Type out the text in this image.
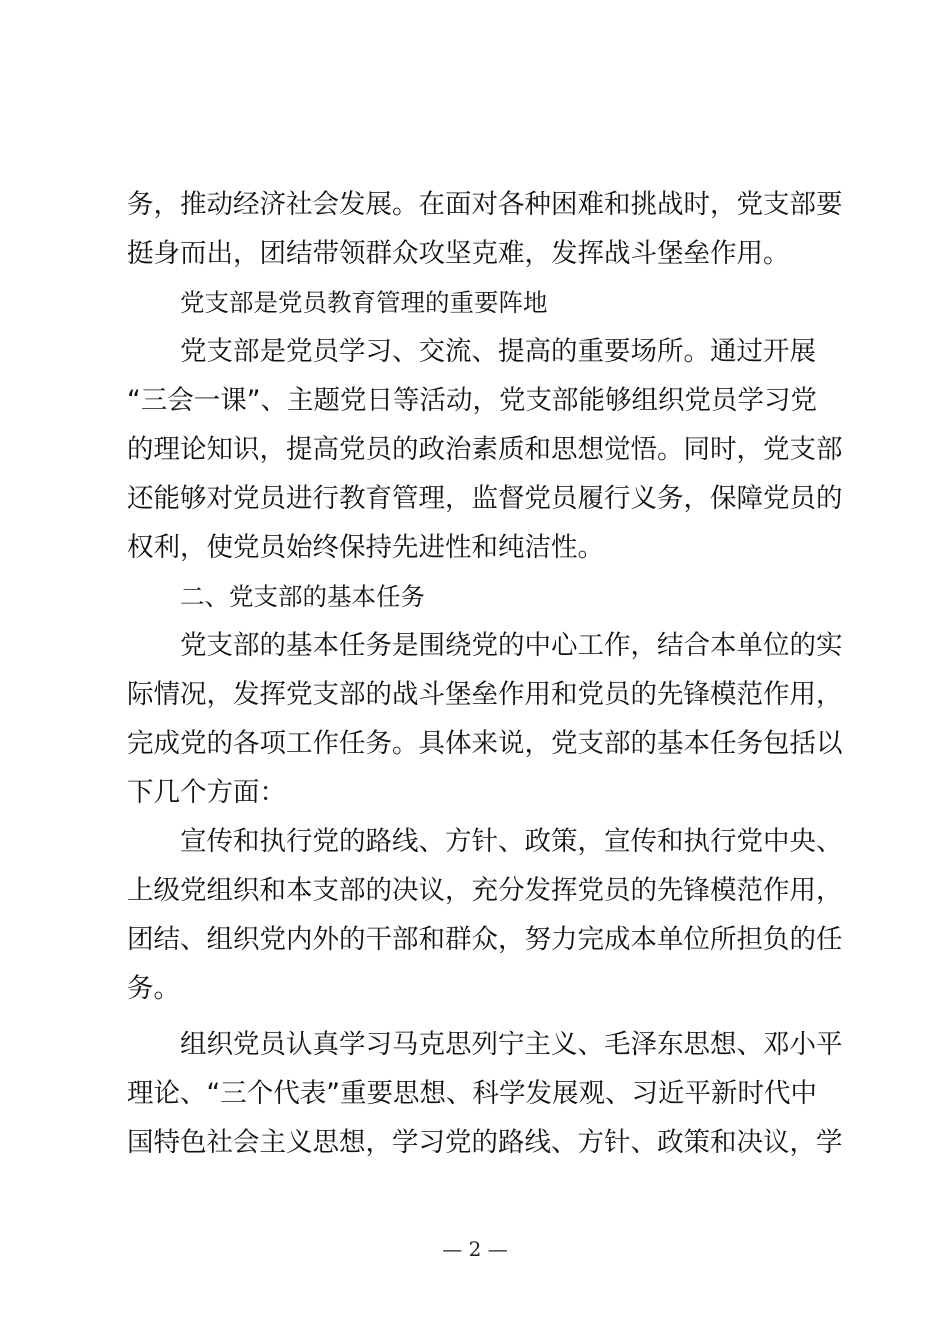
务，推动经济社会发展。在面对各种困难和挑战时，党支部要
挺身而出，团结带领群众攻坚克难，发挥战斗堡垒作用。
党支部是党员教育管理的重要阵地
党支部是党员学习、交流、提高的重要场所。通过开展
“三会一课”、主题党日等活动，党支部能够组织党员学习党
的理论知识，提高党员的政治素质和思想觉悟。同时，党支部
还能够对党员进行教育管理，监督党员履行义务，保障党员的
权利，使党员始终保持先进性和纯洁性。
二、党支部的基本任务
党支部的基本任务是围绕党的中心工作，结合本单位的实
际情况，发挥党支部的战斗堡垒作用和党员的先锋模范作用，
完成党的各项工作任务。具体来说，党支部的基本任务包括以
下几个方面：
宣传和执行党的路线、方针、政策，宣传和执行党中央、
上级党组织和本支部的决议，充分发挥党员的先锋模范作用，
团结、组织党内外的干部和群众，努力完成本单位所担负的任
务。
组织党员认真学习马克思列宁主义、毛泽东思想、邓小平
理论、“三个代表”重要思想、科学发展观、习近平新时代中
国特色社会主义思想，学习党的路线、方针、政策和决议，学
— 2 —
